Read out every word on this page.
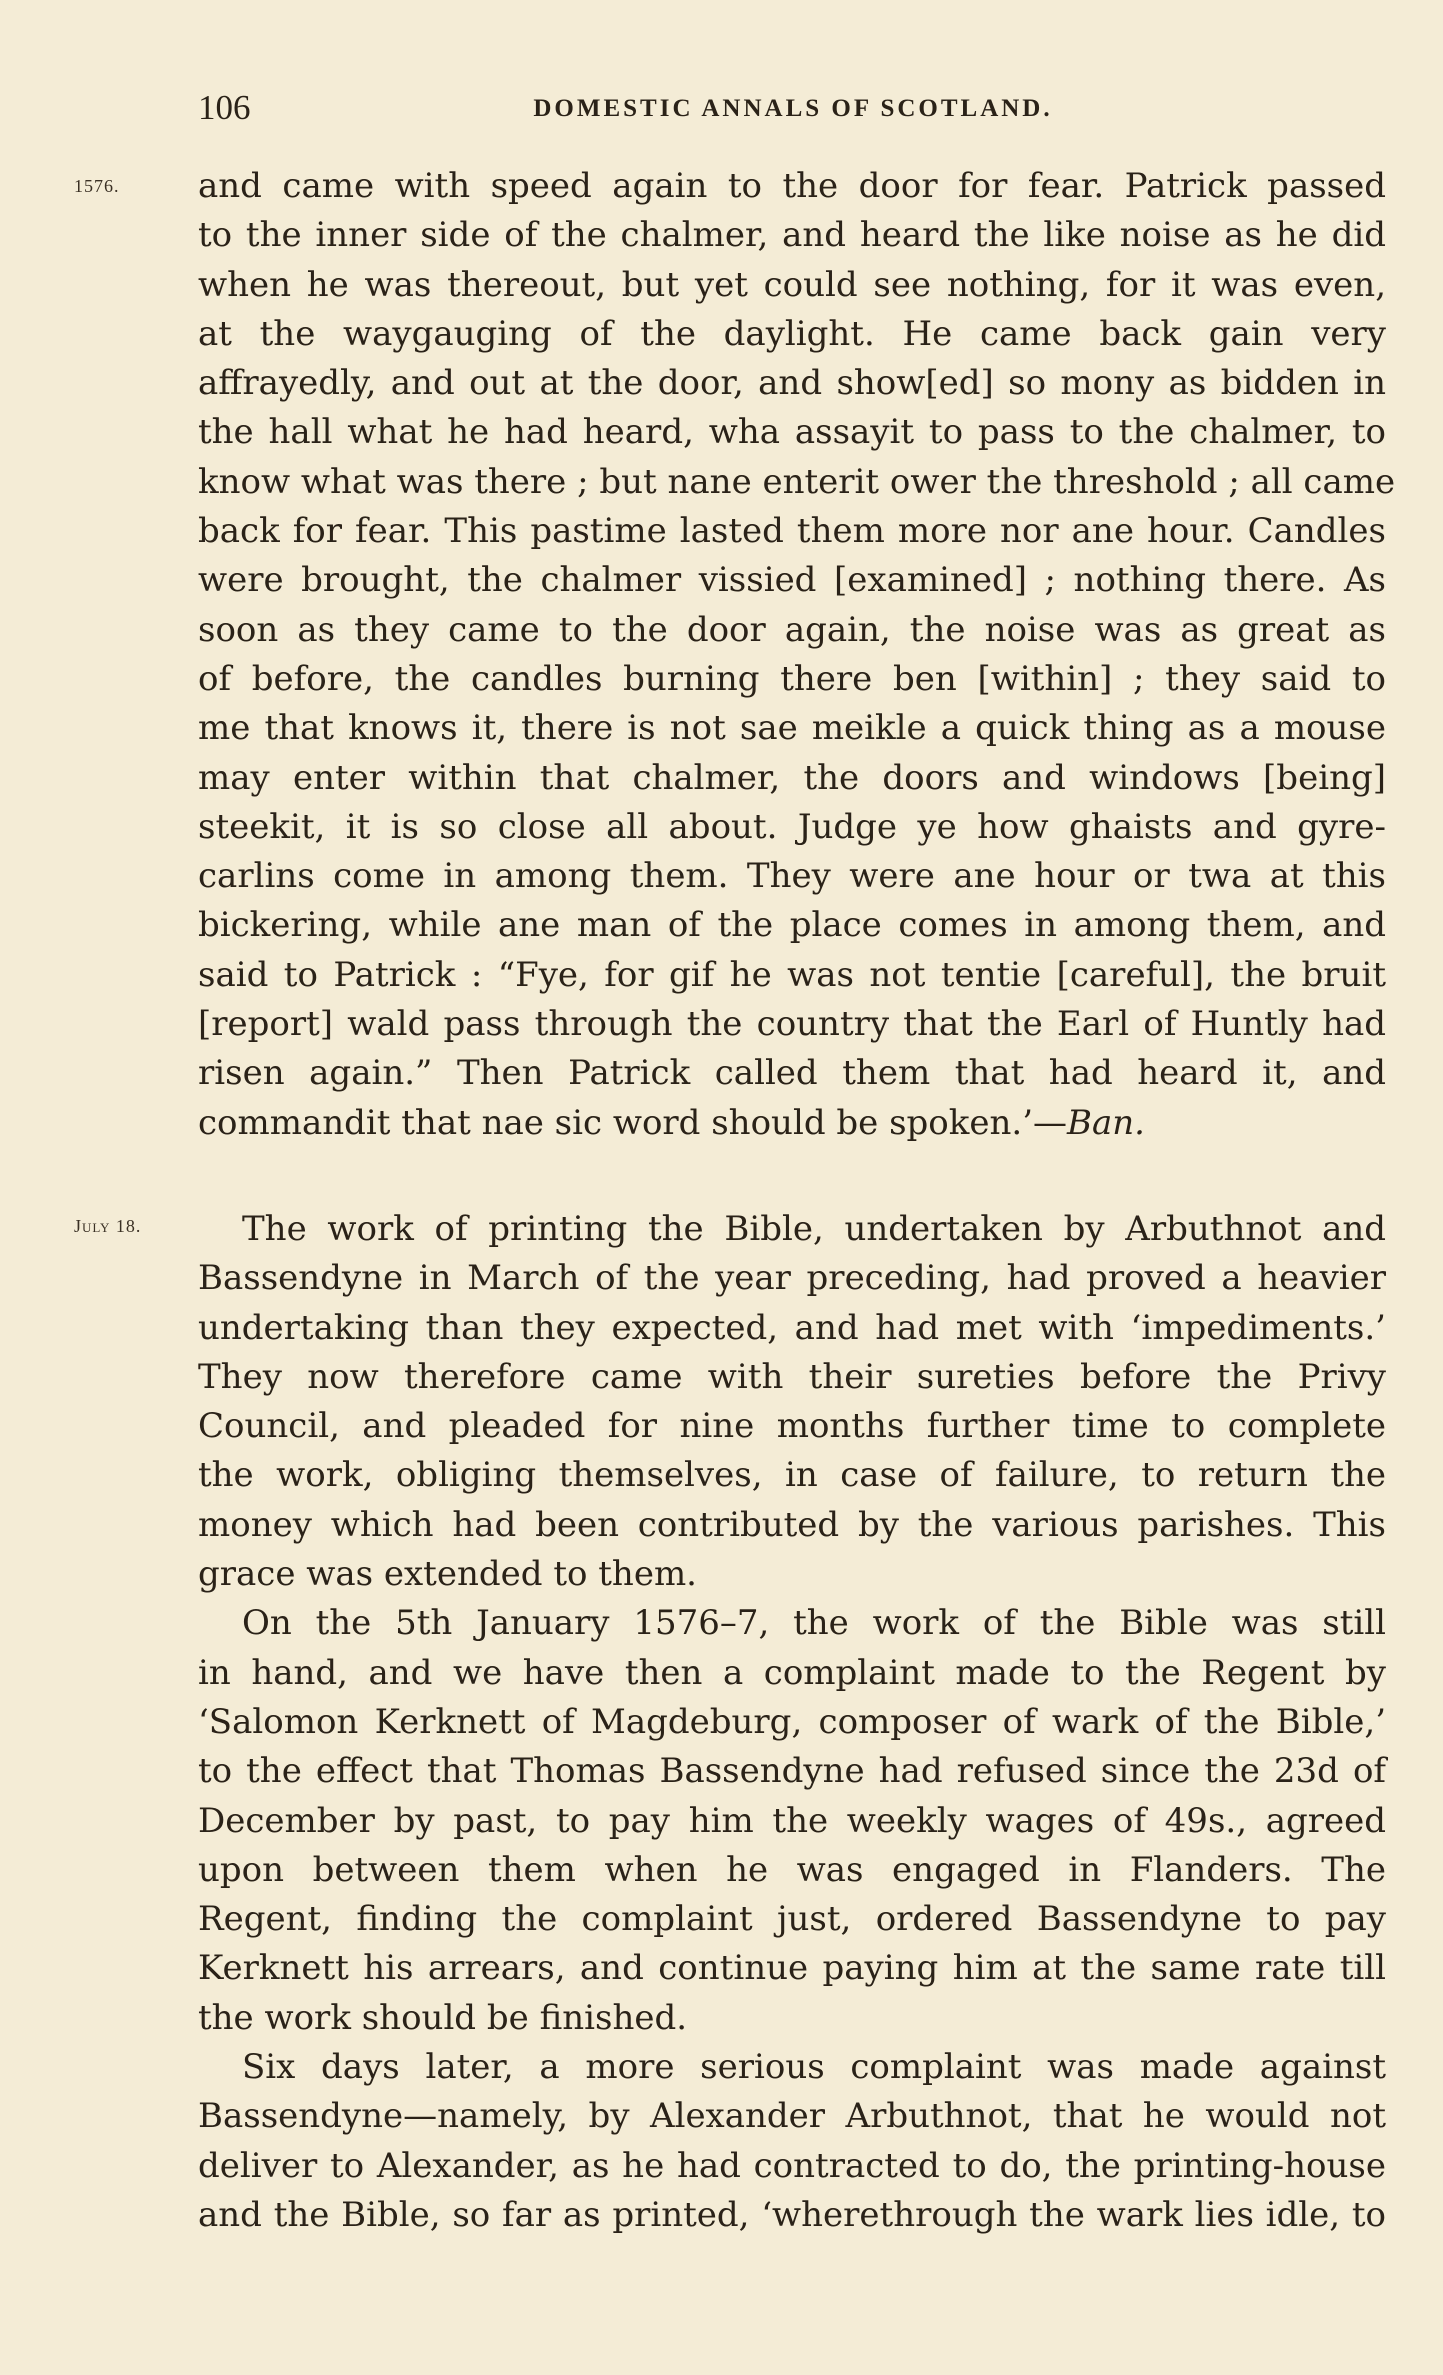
106	DOMESTIC ANNALS OF SCOTLAND.
1576.	and came with speed again to the door for fear. Patrick passed
to the inner side of the chalmer, and heard the like noise as he did
when he was thereout, but yet could see nothing, for it was even,
at the waygauging of the daylight. He came back gain very
affrayedly, and out at the door, and show[ed] so mony as bidden in
the hall what he had heard, wha assayit to pass to the chalmer, to
know what was there ; but nane enterit ower the threshold ; all came
back for fear. This pastime lasted them more nor ane hour. Candles
were brought, the chalmer vissied [examined] ; nothing there. As
soon as they came to the door again, the noise was as great as
of before, the candles burning there ben [within] ; they said to
me that knows it, there is not sae meikle a quick thing as a mouse
may enter within that chalmer, the doors and windows [being]
steekit, it is so close all about. Judge ye how ghaists and gyre-
carlins come in among them. They were ane hour or twa at this
bickering, while ane man of the place comes in among them, and
said to Patrick : “Fye, for gif he was not tentie [careful], the bruit
[report] wald pass through the country that the Earl of Huntly had
risen again.” Then Patrick called them that had heard it, and
commandit that nae sic word should be spoken.’—Ban.
July 18.	The work of printing the Bible, undertaken by Arbuthnot and
Bassendyne in March of the year preceding, had proved a heavier
undertaking than they expected, and had met with ‘impediments.’
They now therefore came with their sureties before the Privy
Council, and pleaded for nine months further time to complete
the work, obliging themselves, in case of failure, to return the
money which had been contributed by the various parishes. This
grace was extended to them.
On the 5th January 1576–7, the work of the Bible was still
in hand, and we have then a complaint made to the Regent by
‘Salomon Kerknett of Magdeburg, composer of wark of the Bible,’
to the effect that Thomas Bassendyne had refused since the 23d of
December by past, to pay him the weekly wages of 49s., agreed
upon between them when he was engaged in Flanders. The
Regent, finding the complaint just, ordered Bassendyne to pay
Kerknett his arrears, and continue paying him at the same rate till
the work should be finished.
Six days later, a more serious complaint was made against
Bassendyne—namely, by Alexander Arbuthnot, that he would not
deliver to Alexander, as he had contracted to do, the printing-house
and the Bible, so far as printed, ‘wherethrough the wark lies idle, to
